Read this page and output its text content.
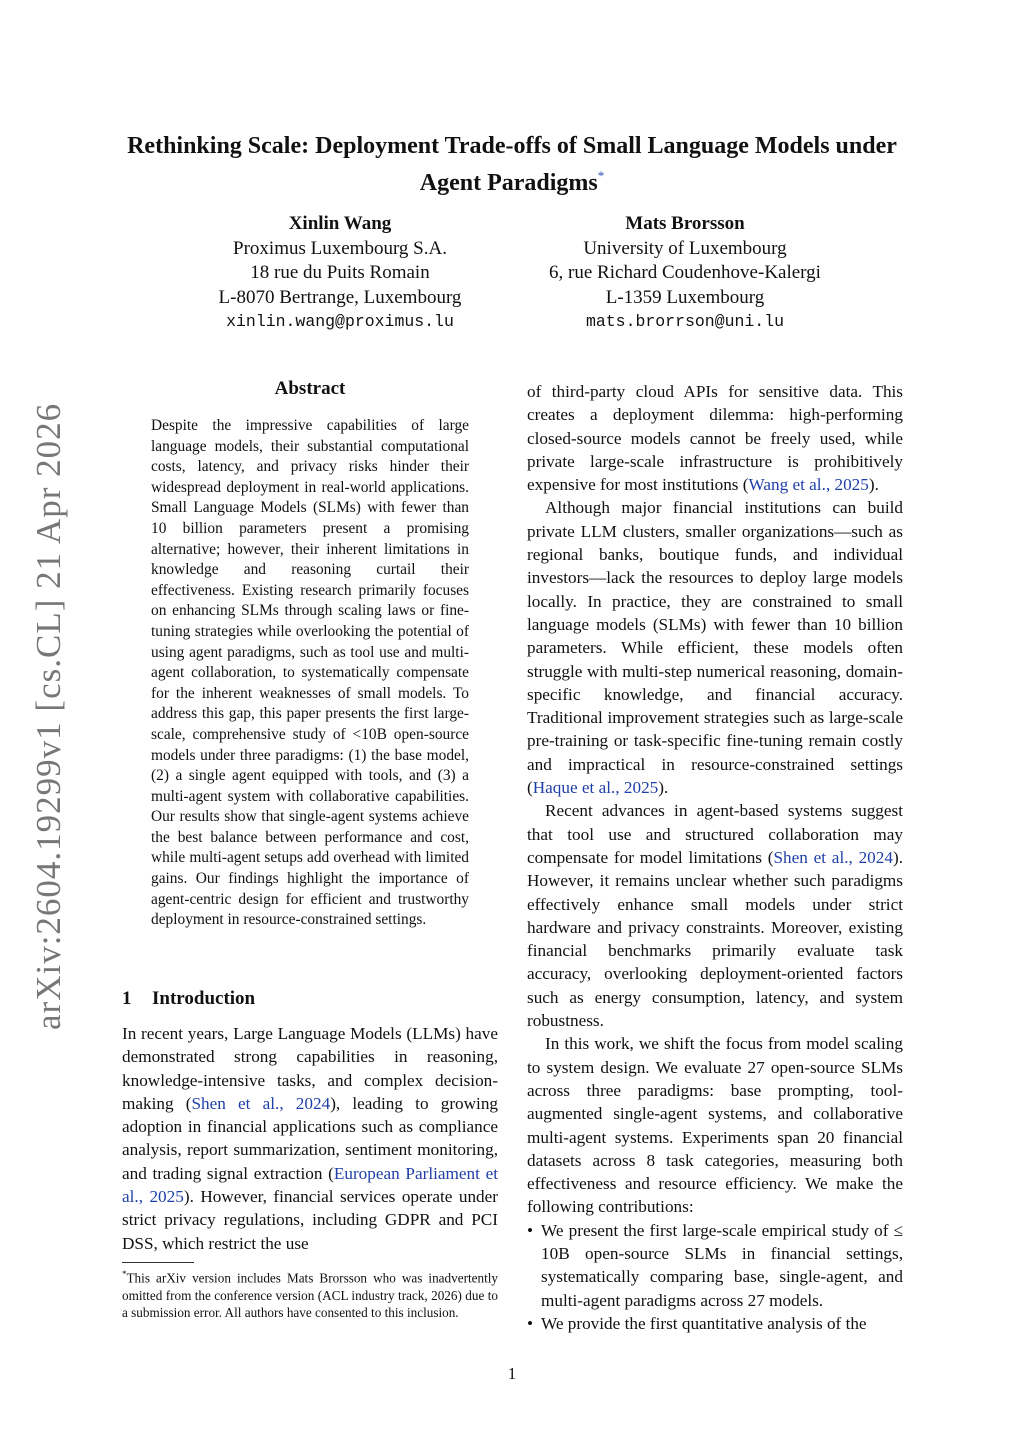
arXiv:2604.19299v1 [cs.CL] 21 Apr 2026
Rethinking Scale: Deployment Trade-offs of Small Language Models under
Agent Paradigms*
Xinlin Wang
Proximus Luxembourg S.A.
18 rue du Puits Romain
L-8070 Bertrange, Luxembourg
xinlin.wang@proximus.lu
Mats Brorsson
University of Luxembourg
6, rue Richard Coudenhove-Kalergi
L-1359 Luxembourg
mats.brorrson@uni.lu
Abstract

Despite the impressive capabilities of large language models, their substantial computational costs, latency, and privacy risks hinder their widespread deployment in real-world applications. Small Language Models (SLMs) with fewer than 10 billion parameters present a promising alternative; however, their inherent limitations in knowledge and reasoning curtail their effectiveness. Existing research primarily focuses on enhancing SLMs through scaling laws or fine-tuning strategies while overlooking the potential of using agent paradigms, such as tool use and multi-agent collaboration, to systematically compensate for the inherent weaknesses of small models. To address this gap, this paper presents the first large-scale, comprehensive study of <10B open-source models under three paradigms: (1) the base model, (2) a single agent equipped with tools, and (3) a multi-agent system with collaborative capabilities. Our results show that single-agent systems achieve the best balance between performance and cost, while multi-agent setups add overhead with limited gains. Our findings highlight the importance of agent-centric design for efficient and trustworthy deployment in resource-constrained settings.

1 Introduction

In recent years, Large Language Models (LLMs) have demonstrated strong capabilities in reasoning, knowledge-intensive tasks, and complex decision-making (Shen et al., 2024), leading to growing adoption in financial applications such as compliance analysis, report summarization, sentiment monitoring, and trading signal extraction (European Parliament et al., 2025). However, financial services operate under strict privacy regulations, including GDPR and PCI DSS, which restrict the use

of third-party cloud APIs for sensitive data. This creates a deployment dilemma: high-performing closed-source models cannot be freely used, while private large-scale infrastructure is prohibitively expensive for most institutions (Wang et al., 2025).

Although major financial institutions can build private LLM clusters, smaller organizations—such as regional banks, boutique funds, and individual investors—lack the resources to deploy large models locally. In practice, they are constrained to small language models (SLMs) with fewer than 10 billion parameters. While efficient, these models often struggle with multi-step numerical reasoning, domain-specific knowledge, and financial accuracy. Traditional improvement strategies such as large-scale pre-training or task-specific fine-tuning remain costly and impractical in resource-constrained settings (Haque et al., 2025).

Recent advances in agent-based systems suggest that tool use and structured collaboration may compensate for model limitations (Shen et al., 2024). However, it remains unclear whether such paradigms effectively enhance small models under strict hardware and privacy constraints. Moreover, existing financial benchmarks primarily evaluate task accuracy, overlooking deployment-oriented factors such as energy consumption, latency, and system robustness.

In this work, we shift the focus from model scaling to system design. We evaluate 27 open-source SLMs across three paradigms: base prompting, tool-augmented single-agent systems, and collaborative multi-agent systems. Experiments span 20 financial datasets across 8 task categories, measuring both effectiveness and resource efficiency. We make the following contributions:

• We present the first large-scale empirical study of ≤ 10B open-source SLMs in financial settings, systematically comparing base, single-agent, and multi-agent paradigms across 27 models.
• We provide the first quantitative analysis of the

*This arXiv version includes Mats Brorsson who was inadvertently omitted from the conference version (ACL industry track, 2026) due to a submission error. All authors have consented to this inclusion.

1
